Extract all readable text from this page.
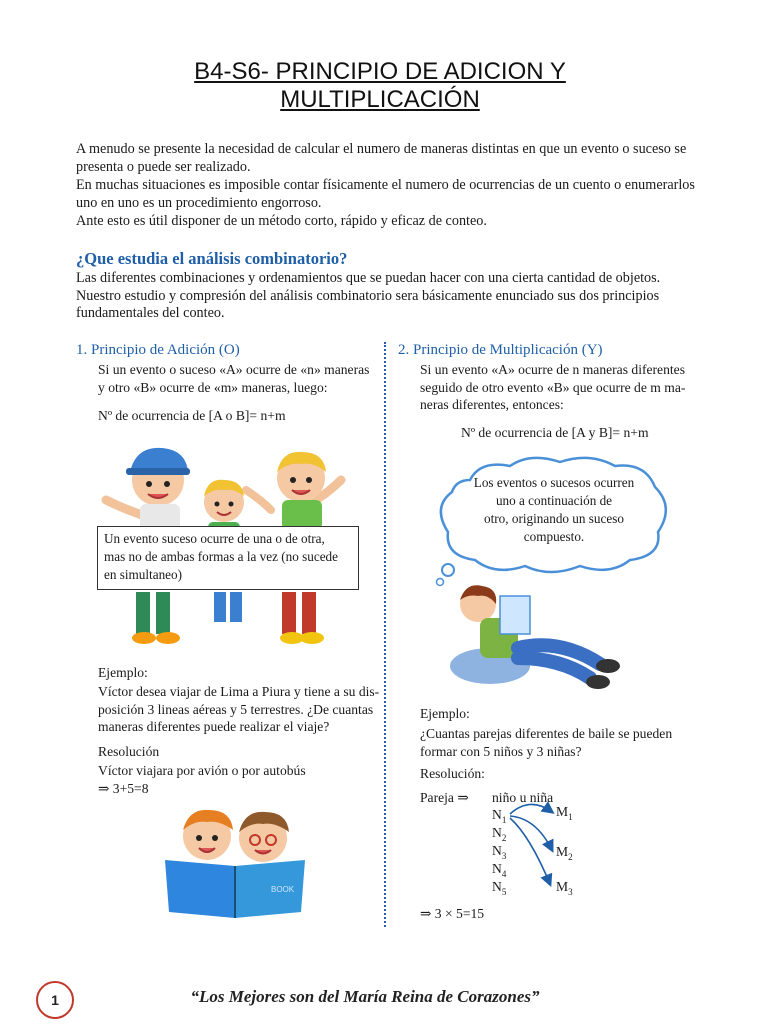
B4-S6- PRINCIPIO DE ADICION Y
MULTIPLICACIÓN

A menudo se presente la necesidad de calcular el numero de maneras distintas en que un evento o suceso se

presenta o puede ser realizado.

En muchas situaciones es imposible contar físicamente el numero de ocurrencias de un cuento o enumerarlos

uno en uno es un procedimiento engorroso.

Ante esto es útil disponer de un método corto, rápido y eficaz de conteo.

¿Que estudia el análisis combinatorio?

Las diferentes combinaciones y ordenamientos que se puedan hacer con una cierta cantidad de objetos.

Nuestro estudio y compresión del análisis combinatorio sera básicamente enunciado sus dos principios

fundamentales del conteo.

1. Principio de Adición (O)
Si un evento o suceso «A» ocurre de «n» maneras
y otro «B» ocurre de «m» maneras, luego:
Nº de ocurrencia de [A o B]= n+m
Un evento suceso ocurre de una o de otra,
mas no de ambas formas a la vez (no sucede
en simultaneo)
Ejemplo:
Víctor desea viajar de Lima a Piura y tiene a su dis-
posición 3 lineas aéreas y 5 terrestres. ¿De cuantas
maneras diferentes puede realizar el viaje?
Resolución
Víctor viajara por avión o por autobús
⇒ 3+5=8
BOOK
2. Principio de Multiplicación (Y)
Si un evento «A» ocurre de n maneras diferentes
seguido de otro evento «B» que ocurre de m ma-
neras diferentes, entonces:
Nº de ocurrencia de [A y B]= n+m
Los eventos o sucesos ocurren
uno a continuación de
otro, originando un suceso
compuesto.
Ejemplo:
¿Cuantas parejas diferentes de baile se pueden
formar con 5 niños y 3 niñas?
Resolución:
Pareja ⇒ niño u niña
$N_1$
$N_2$
$N_3$
$N_4$
$N_5$
$M_1$
$M_2$
$M_3$
⇒ 3 × 5=15
1	“Los Mejores son del María Reina de Corazones”
